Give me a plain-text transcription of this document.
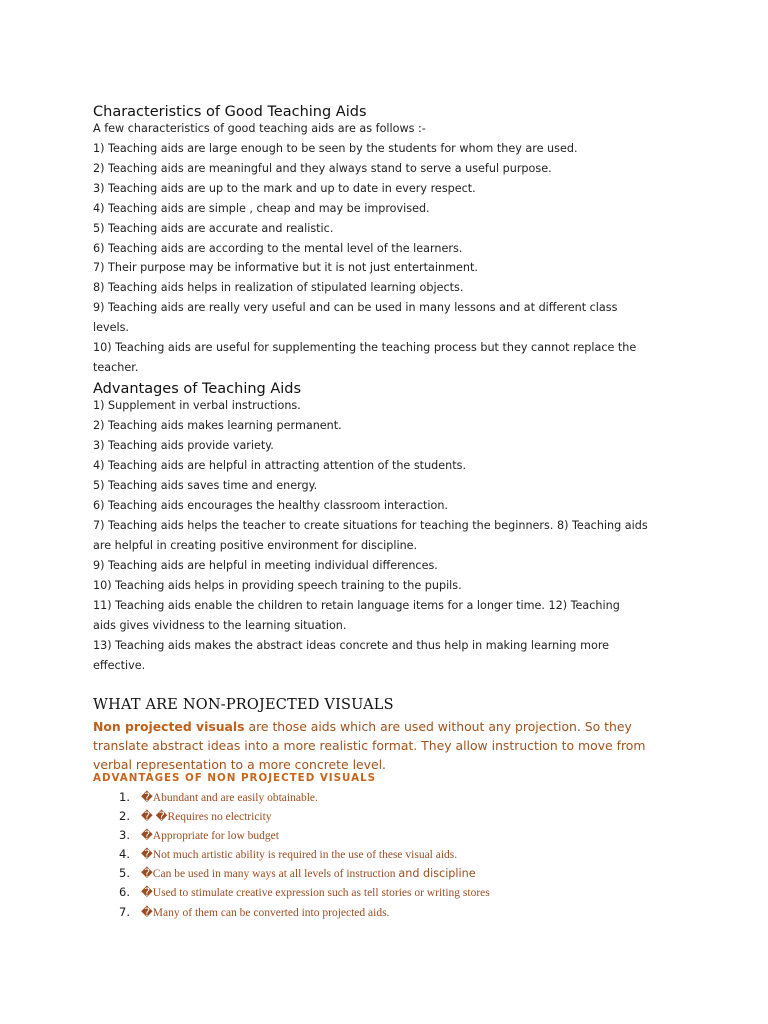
Characteristics of Good Teaching Aids
A few characteristics of good teaching aids are as follows :-
1) Teaching aids are large enough to be seen by the students for whom they are used.
2) Teaching aids are meaningful and they always stand to serve a useful purpose.
3) Teaching aids are up to the mark and up to date in every respect.
4) Teaching aids are simple , cheap and may be improvised.
5) Teaching aids are accurate and realistic.
6) Teaching aids are according to the mental level of the learners.
7) Their purpose may be informative but it is not just entertainment.
8) Teaching aids helps in realization of stipulated learning objects.
9) Teaching aids are really very useful and can be used in many lessons and at different class
levels.
10) Teaching aids are useful for supplementing the teaching process but they cannot replace the
teacher.
Advantages of Teaching Aids
1) Supplement in verbal instructions.
2) Teaching aids makes learning permanent.
3) Teaching aids provide variety.
4) Teaching aids are helpful in attracting attention of the students.
5) Teaching aids saves time and energy.
6) Teaching aids encourages the healthy classroom interaction.
7) Teaching aids helps the teacher to create situations for teaching the beginners. 8) Teaching aids
are helpful in creating positive environment for discipline.
9) Teaching aids are helpful in meeting individual differences.
10) Teaching aids helps in providing speech training to the pupils.
11) Teaching aids enable the children to retain language items for a longer time. 12) Teaching
aids gives vividness to the learning situation.
13) Teaching aids makes the abstract ideas concrete and thus help in making learning more
effective.
WHAT ARE NON-PROJECTED VISUALS
Non projected visuals are those aids which are used without any projection. So they
translate abstract ideas into a more realistic format. They allow instruction to move from
verbal representation to a more concrete level.
ADVANTAGES OF NON PROJECTED VISUALS
1. �Abundant and are easily obtainable.
2. � �Requires no electricity
3. �Appropriate for low budget
4. �Not much artistic ability is required in the use of these visual aids.
5. �Can be used in many ways at all levels of instruction and discipline
6. �Used to stimulate creative expression such as tell stories or writing stores
7. �Many of them can be converted into projected aids.
